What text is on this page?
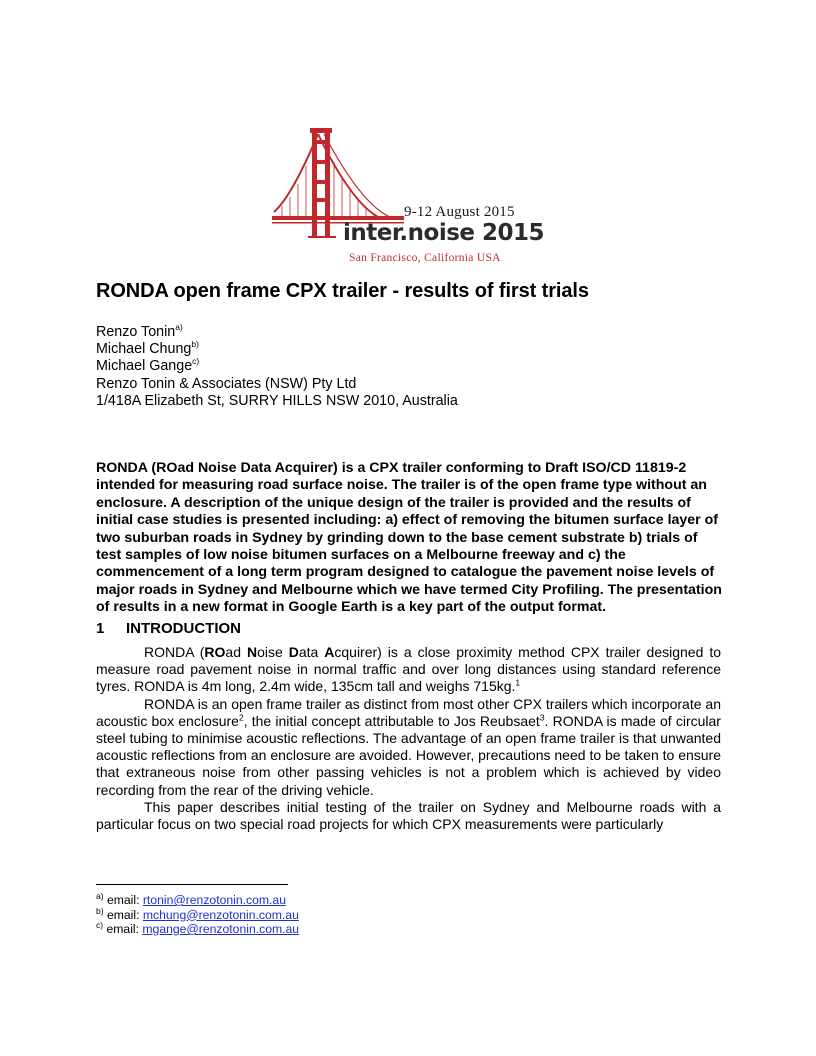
9-12 August 2015
inter.noise 2015
San Francisco, California USA
RONDA open frame CPX trailer - results of first trials
Renzo Tonin$^{a)}$
Michael Chung$^{b)}$
Michael Gange$^{c)}$
Renzo Tonin & Associates (NSW) Pty Ltd
1/418A Elizabeth St, SURRY HILLS NSW 2010, Australia

RONDA (ROad Noise Data Acquirer) is a CPX trailer conforming to Draft ISO/CD 11819-2 intended for measuring road surface noise. The trailer is of the open frame type without an enclosure. A description of the unique design of the trailer is provided and the results of initial case studies is presented including: a) effect of removing the bitumen surface layer of two suburban roads in Sydney by grinding down to the base cement substrate b) trials of test samples of low noise bitumen surfaces on a Melbourne freeway and c) the commencement of a long term program designed to catalogue the pavement noise levels of major roads in Sydney and Melbourne which we have termed City Profiling. The presentation of results in a new format in Google Earth is a key part of the output format.

1 INTRODUCTION

RONDA (ROad Noise Data Acquirer) is a close proximity method CPX trailer designed to measure road pavement noise in normal traffic and over long distances using standard reference tyres. RONDA is 4m long, 2.4m wide, 135cm tall and weighs 715kg.$^1$

RONDA is an open frame trailer as distinct from most other CPX trailers which incorporate an acoustic box enclosure$^2$, the initial concept attributable to Jos Reubsaet$^3$. RONDA is made of circular steel tubing to minimise acoustic reflections. The advantage of an open frame trailer is that unwanted acoustic reflections from an enclosure are avoided. However, precautions need to be taken to ensure that extraneous noise from other passing vehicles is not a problem which is achieved by video recording from the rear of the driving vehicle.

This paper describes initial testing of the trailer on Sydney and Melbourne roads with a particular focus on two special road projects for which CPX measurements were particularly

$^{a)}$ email: rtonin@renzotonin.com.au
$^{b)}$ email: mchung@renzotonin.com.au
$^{c)}$ email: mgange@renzotonin.com.au
